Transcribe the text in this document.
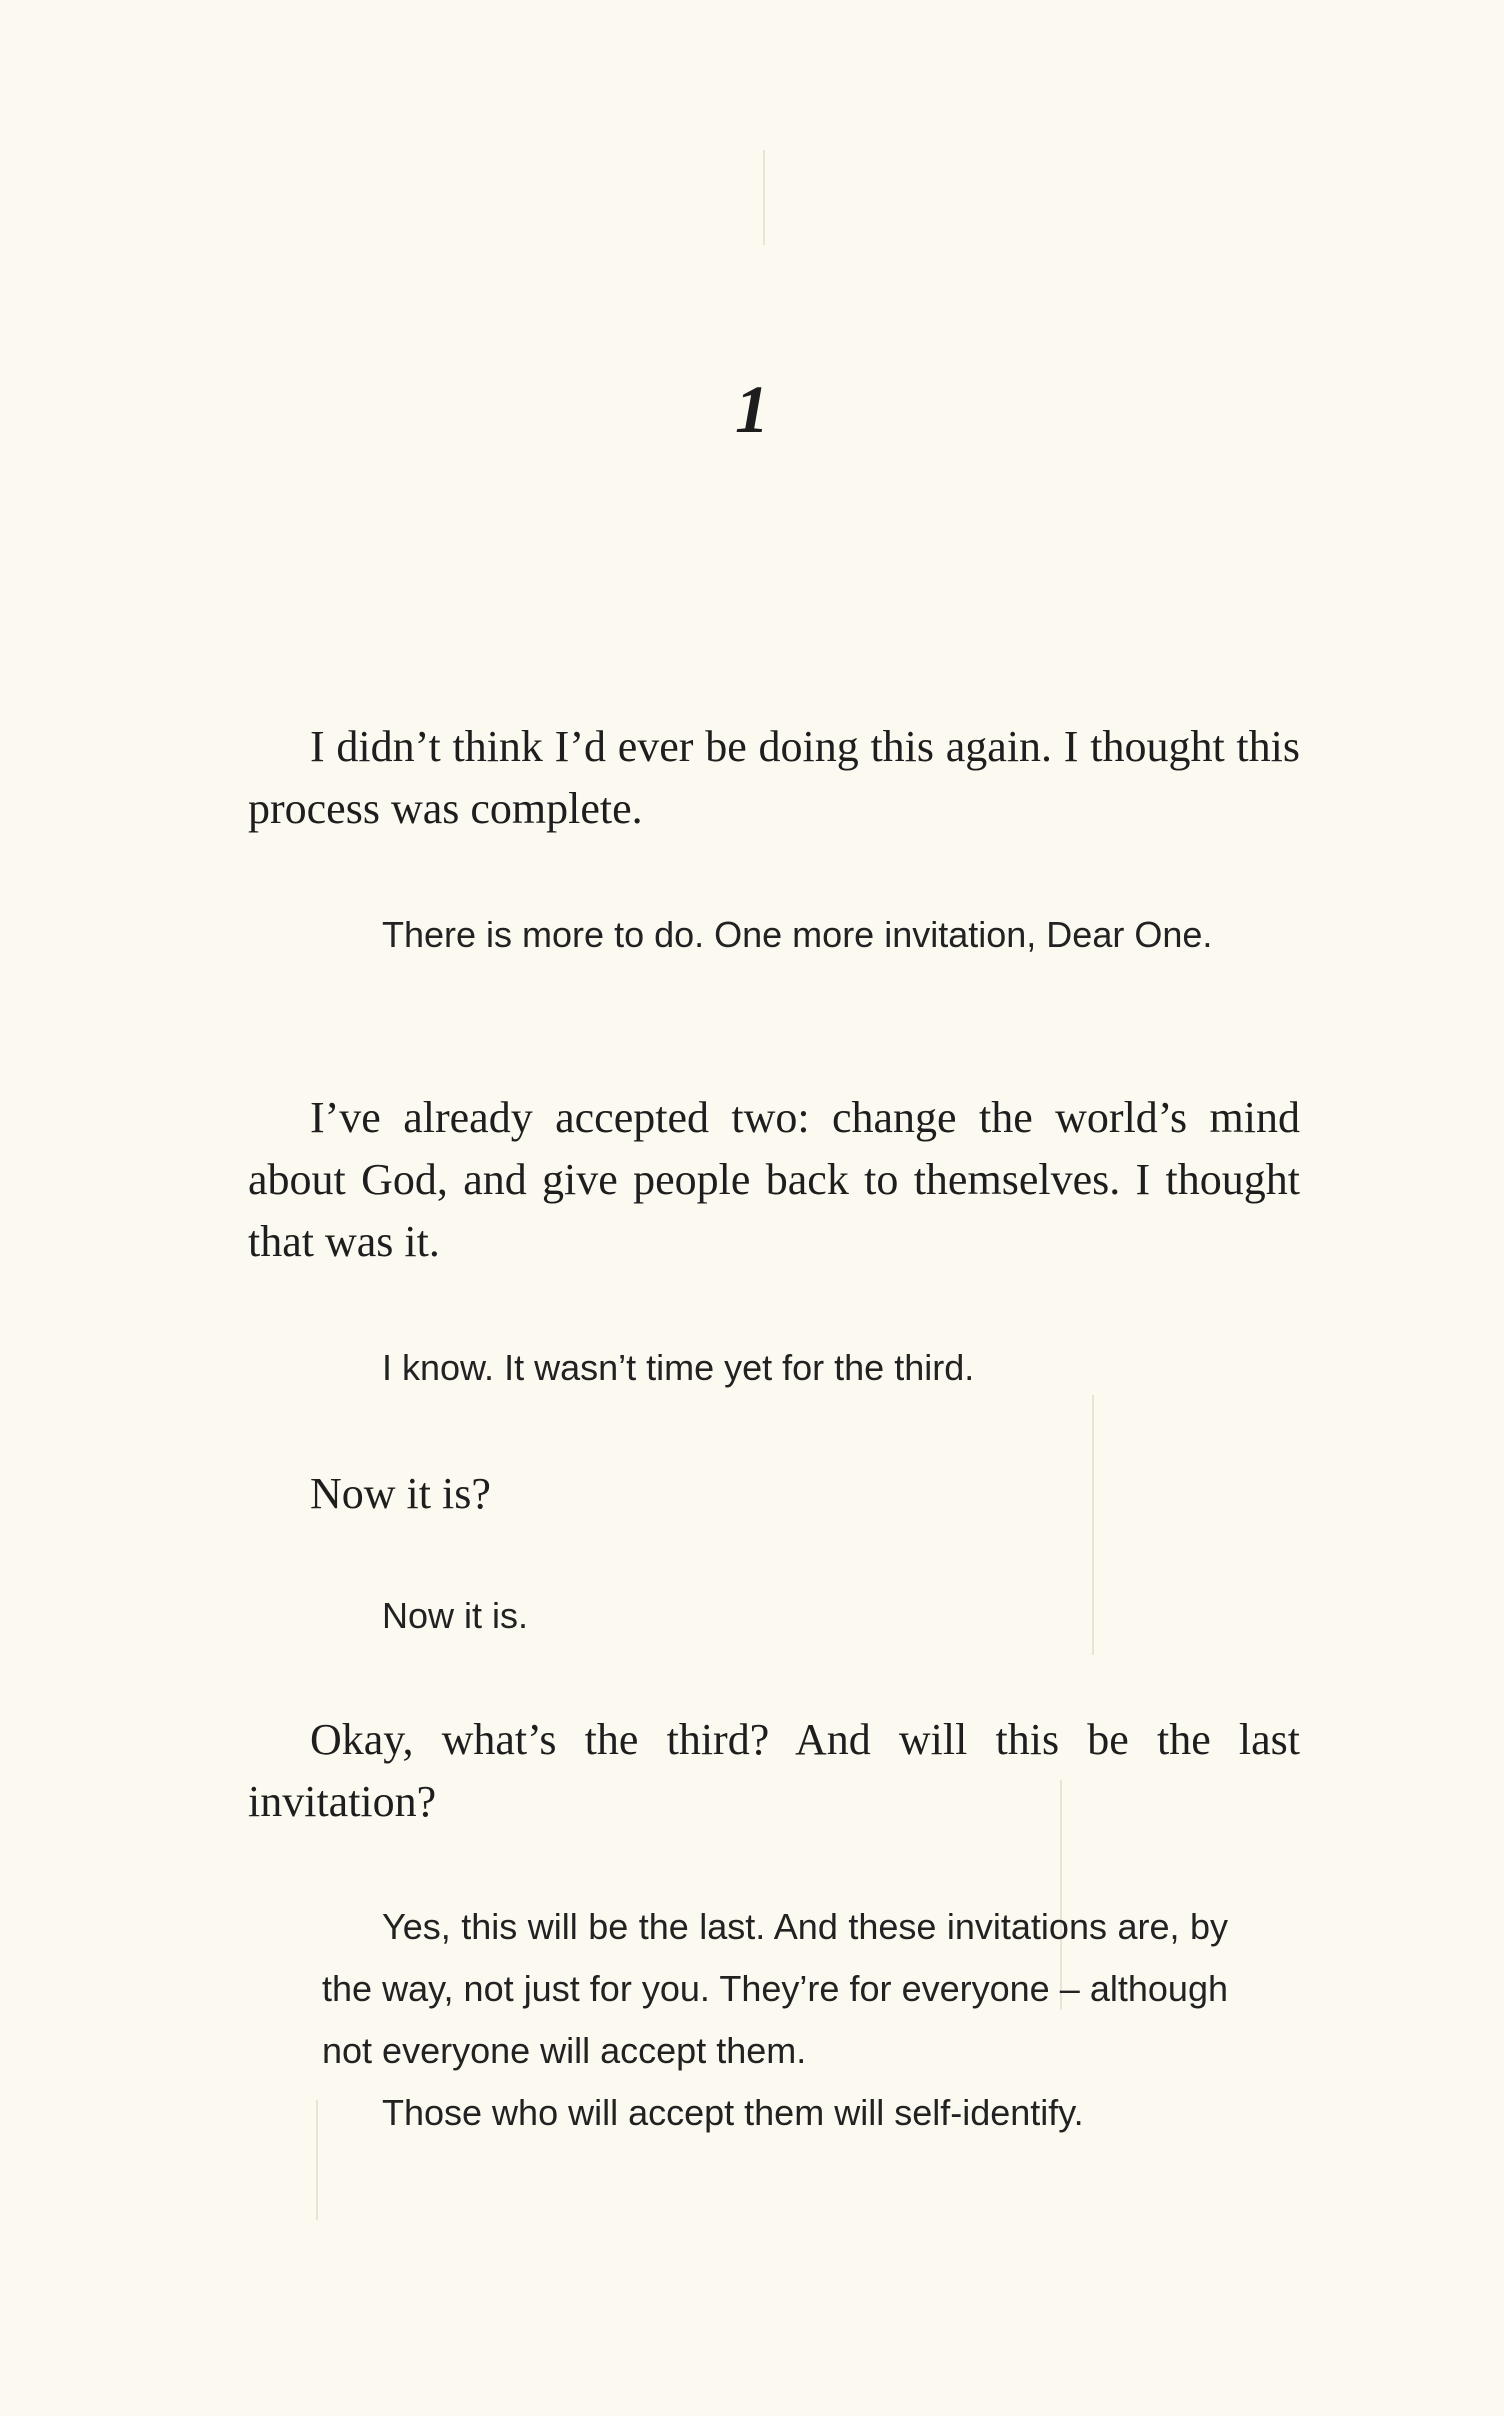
1

I didn’t think I’d ever be doing this again. I thought this process was complete.

There is more to do. One more invitation, Dear One.

I’ve already accepted two: change the world’s mind about God, and give people back to themselves. I thought that was it.

I know. It wasn’t time yet for the third.

Now it is?

Now it is.

Okay, what’s the third? And will this be the last invitation?

Yes, this will be the last. And these invitations are, by the way, not just for you. They’re for everyone – although not everyone will accept them.
Those who will accept them will self-identify.
